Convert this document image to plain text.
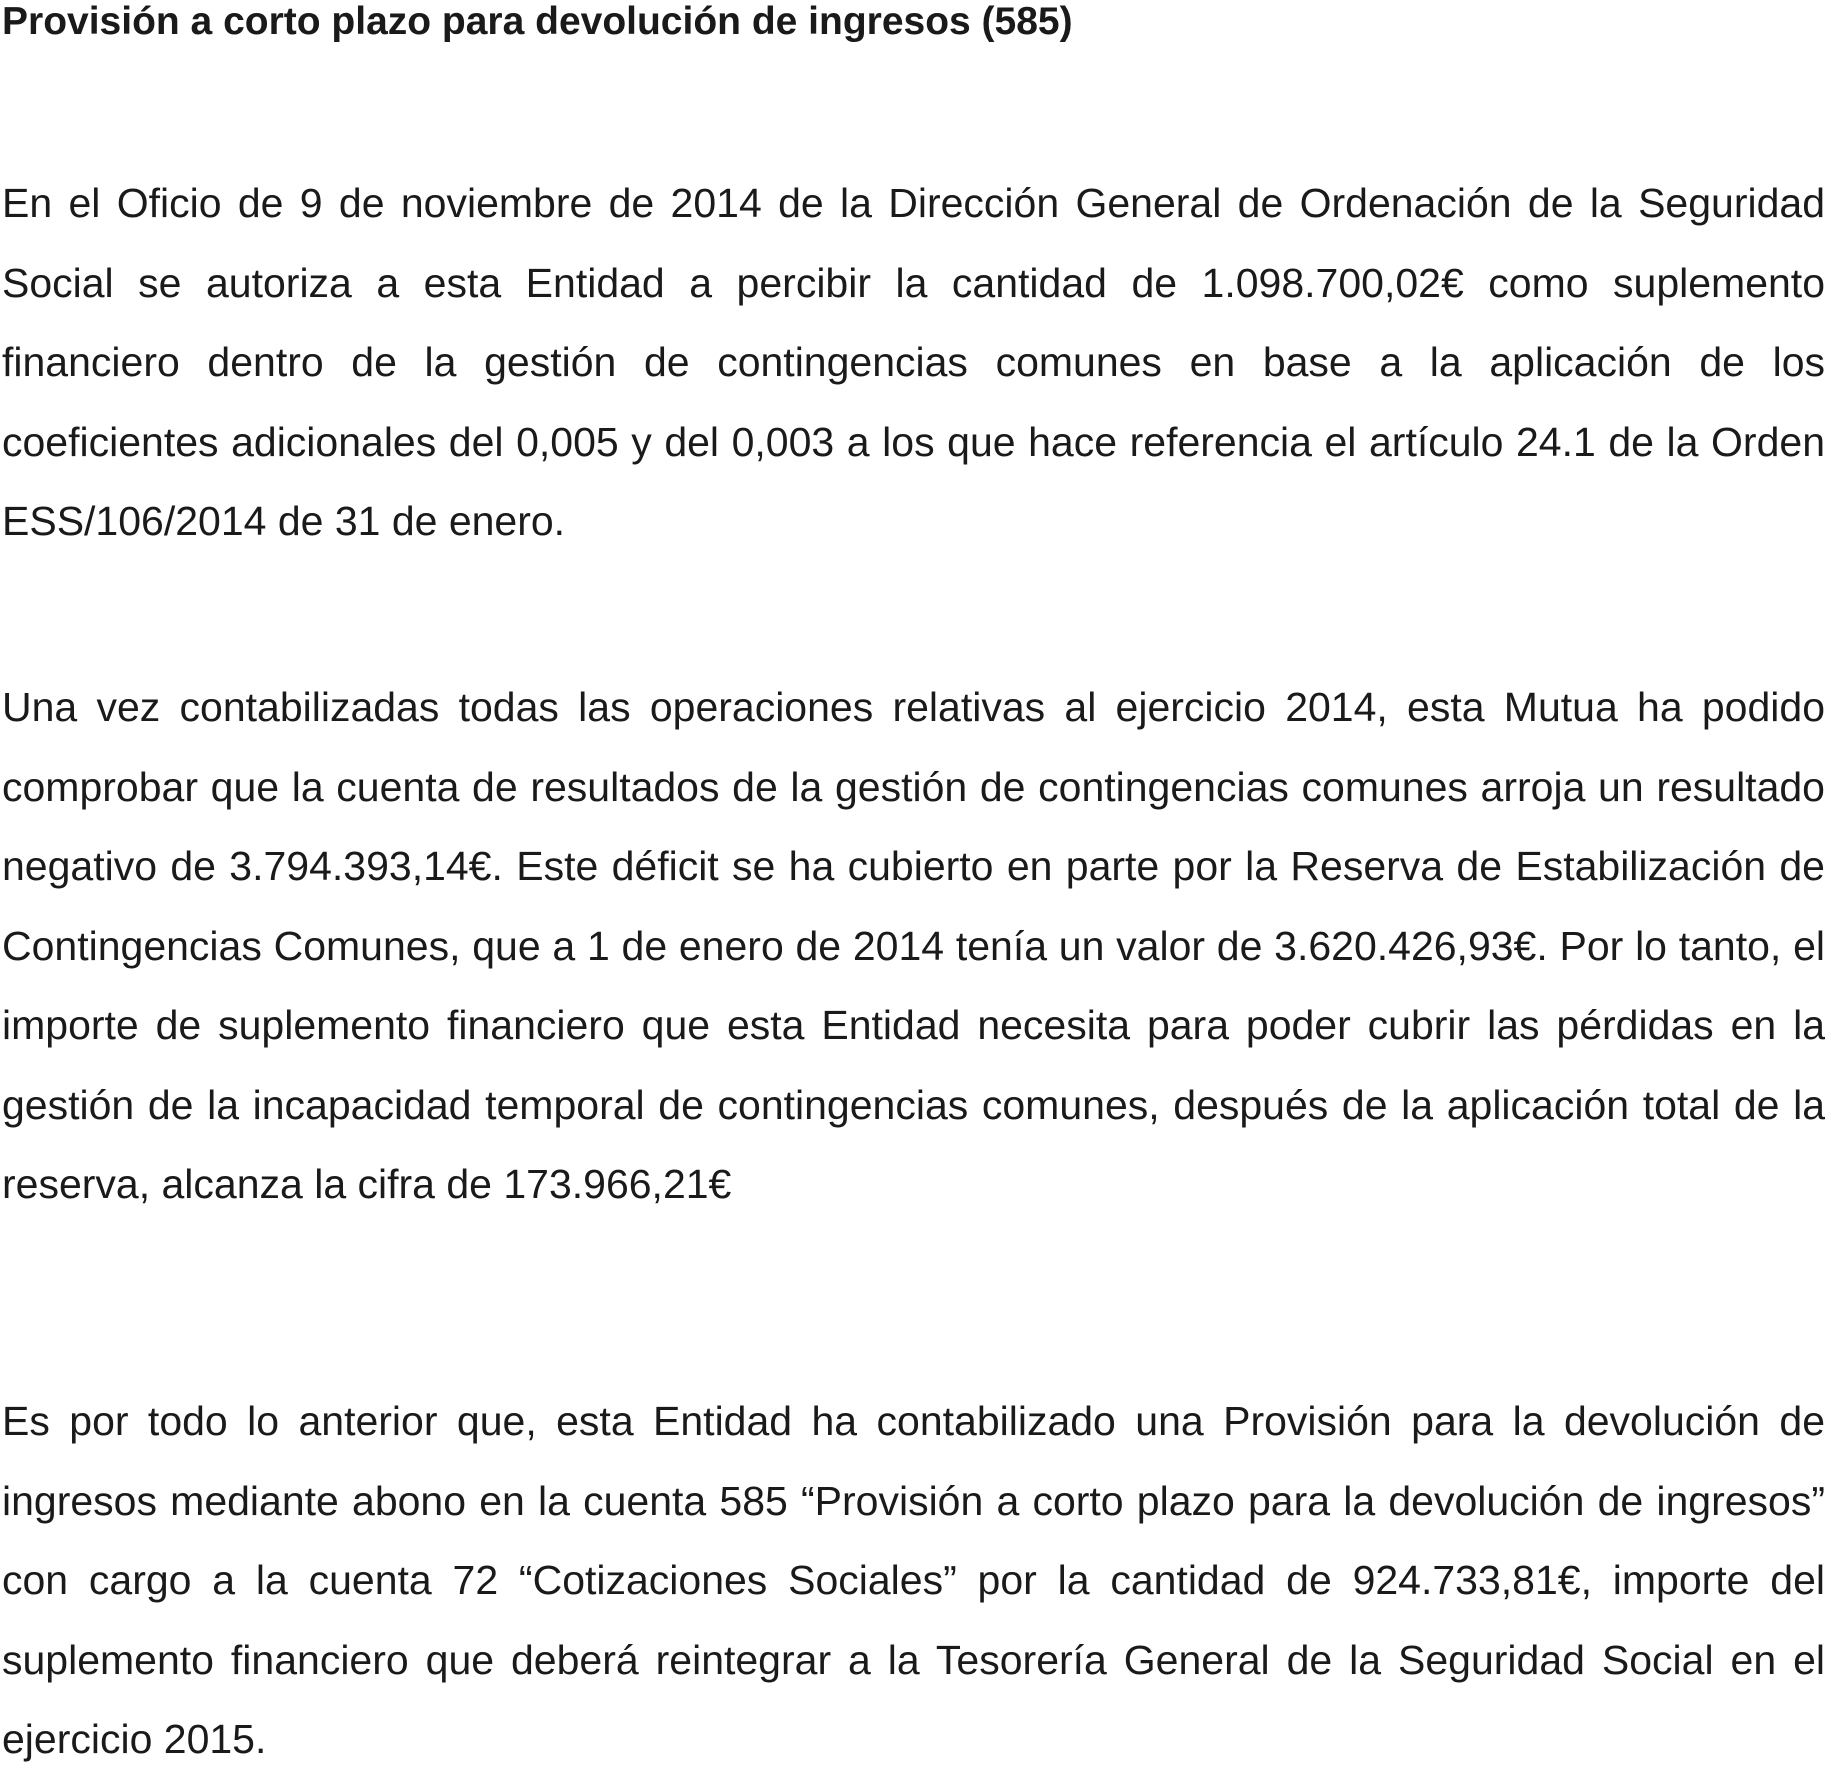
Provisión a corto plazo para devolución de ingresos (585)

En el Oficio de 9 de noviembre de 2014 de la Dirección General de Ordenación de la Seguridad Social se autoriza a esta Entidad a percibir la cantidad de 1.098.700,02€ como suplemento financiero dentro de la gestión de contingencias comunes en base a la aplicación de los coeficientes adicionales del 0,005 y del 0,003 a los que hace referencia el artículo 24.1 de la Orden ESS/106/2014 de 31 de enero.

Una vez contabilizadas todas las operaciones relativas al ejercicio 2014, esta Mutua ha podido comprobar que la cuenta de resultados de la gestión de contingencias comunes arroja un resultado negativo de 3.794.393,14€. Este déficit se ha cubierto en parte por la Reserva de Estabilización de Contingencias Comunes, que a 1 de enero de 2014 tenía un valor de 3.620.426,93€. Por lo tanto, el importe de suplemento financiero que esta Entidad necesita para poder cubrir las pérdidas en la gestión de la incapacidad temporal de contingencias comunes, después de la aplicación total de la reserva, alcanza la cifra de 173.966,21€

Es por todo lo anterior que, esta Entidad ha contabilizado una Provisión para la devolución de ingresos mediante abono en la cuenta 585 “Provisión a corto plazo para la devolución de ingresos” con cargo a la cuenta 72 “Cotizaciones Sociales” por la cantidad de 924.733,81€, importe del suplemento financiero que deberá reintegrar a la Tesorería General de la Seguridad Social en el ejercicio 2015.
